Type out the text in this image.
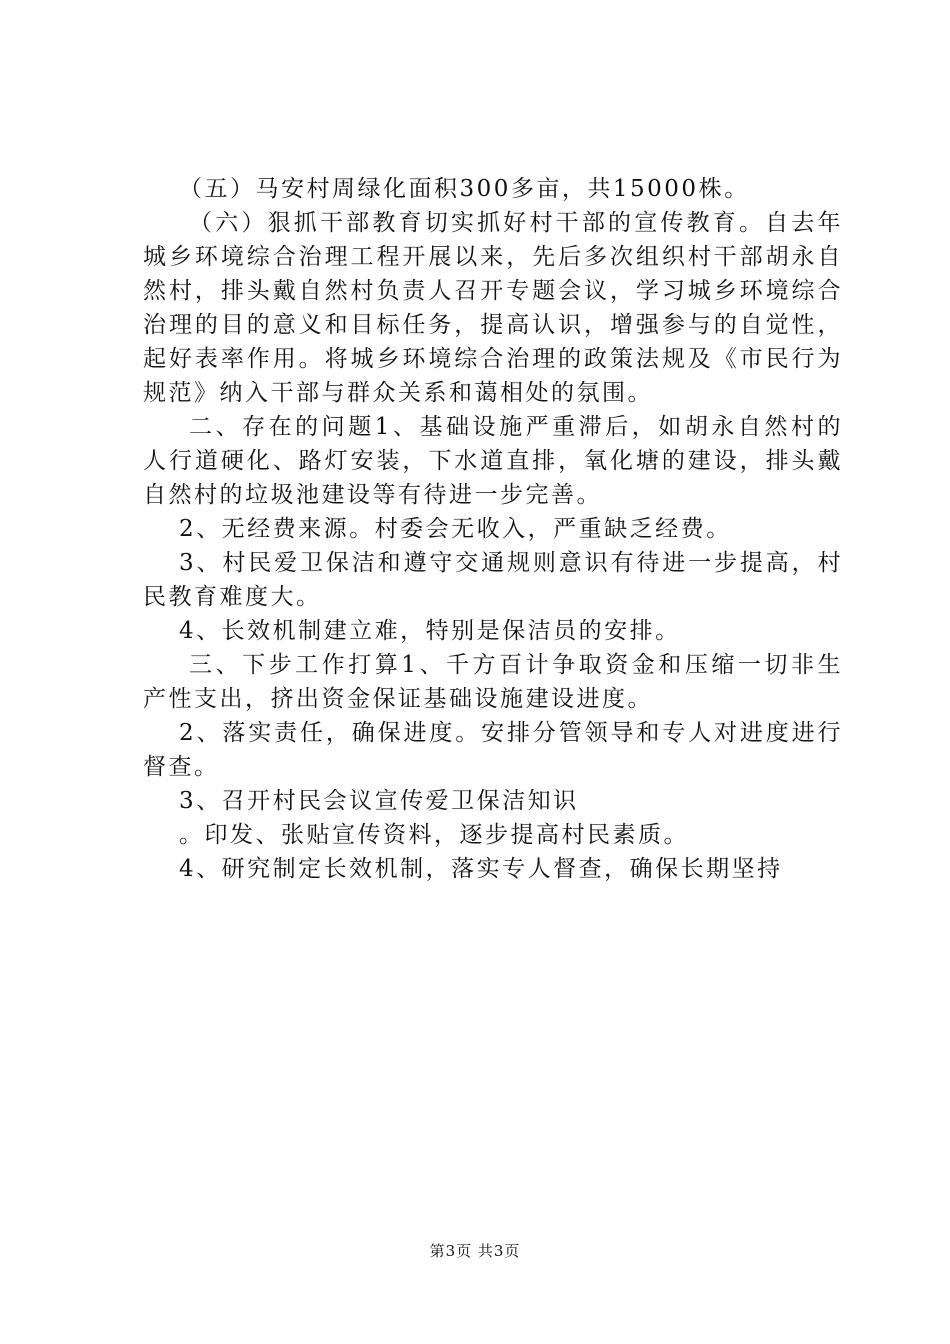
（五）马安村周绿化面积300多亩，共15000株。

（六）狠抓干部教育切实抓好村干部的宣传教育。自去年城乡环境综合治理工程开展以来，先后多次组织村干部胡永自然村，排头戴自然村负责人召开专题会议，学习城乡环境综合治理的目的意义和目标任务，提高认识，增强参与的自觉性，起好表率作用。将城乡环境综合治理的政策法规及《市民行为规范》纳入干部与群众关系和蔼相处的氛围。

二、存在的问题1、基础设施严重滞后，如胡永自然村的人行道硬化、路灯安装，下水道直排，氧化塘的建设，排头戴自然村的垃圾池建设等有待进一步完善。

2、无经费来源。村委会无收入，严重缺乏经费。

3、村民爱卫保洁和遵守交通规则意识有待进一步提高，村民教育难度大。

4、长效机制建立难，特别是保洁员的安排。

三、下步工作打算1、千方百计争取资金和压缩一切非生产性支出，挤出资金保证基础设施建设进度。

2、落实责任，确保进度。安排分管领导和专人对进度进行督查。

3、召开村民会议宣传爱卫保洁知识

。印发、张贴宣传资料，逐步提高村民素质。

4、研究制定长效机制，落实专人督查，确保长期坚持

第3页 共3页
